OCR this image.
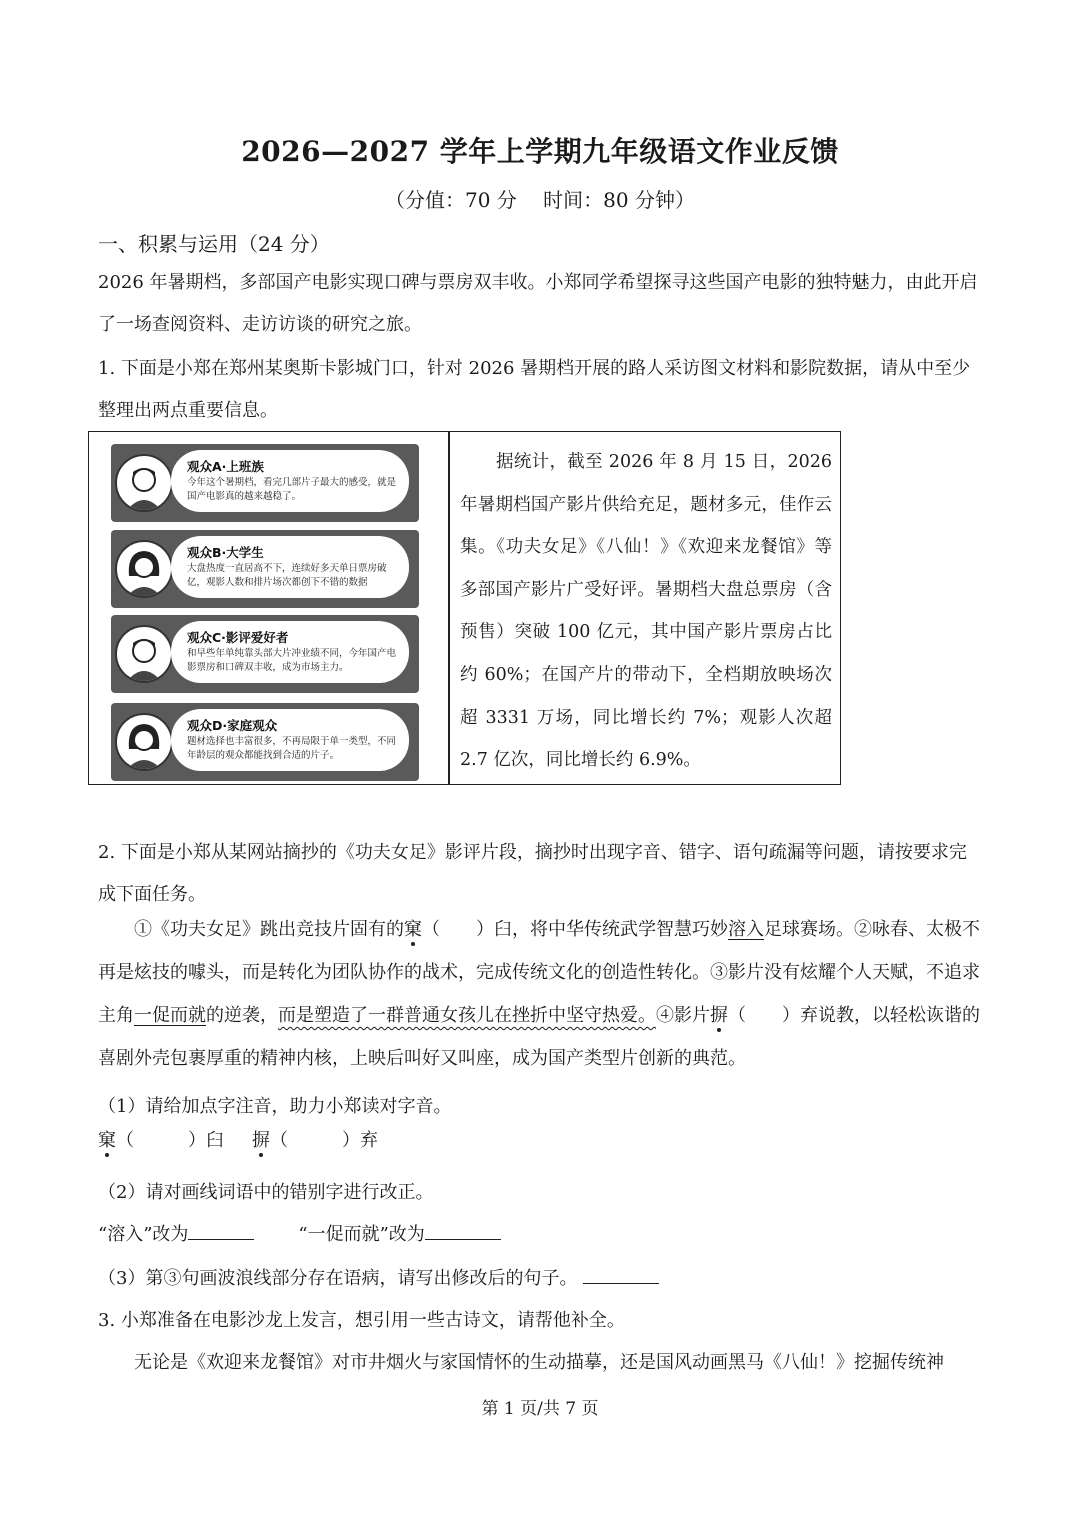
2026—2027 学年上学期九年级语文作业反馈
（分值：70 分　 时间：80 分钟）
一、积累与运用（24 分）
2026 年暑期档，多部国产电影实现口碑与票房双丰收。小郑同学希望探寻这些国产电影的独特魅力，由此开启了一场查阅资料、走访访谈的研究之旅。
1. 下面是小郑在郑州某奥斯卡影城门口，针对 2026 暑期档开展的路人采访图文材料和影院数据，请从中至少整理出两点重要信息。
观众A·上班族
今年这个暑期档，看完几部片子最大的感受，就是国产电影真的越来越稳了。
观众B·大学生
大盘热度一直居高不下，连续好多天单日票房破亿，观影人数和排片场次都创下不错的数据
观众C·影评爱好者
和早些年单纯靠头部大片冲业绩不同，今年国产电影票房和口碑双丰收，成为市场主力。
观众D·家庭观众
题材选择也丰富很多，不再局限于单一类型，不同年龄层的观众都能找到合适的片子。
据统计，截至 2026 年 8 月 15 日，2026 年暑期档国产影片供给充足，题材多元，佳作云集。《功夫女足》《八仙！》《欢迎来龙餐馆》等多部国产影片广受好评。暑期档大盘总票房（含预售）突破 100 亿元，其中国产影片票房占比约 60%；在国产片的带动下，全档期放映场次超 3331 万场，同比增长约 7%；观影人次超 2.7 亿次，同比增长约 6.9%。
2. 下面是小郑从某网站摘抄的《功夫女足》影评片段，摘抄时出现字音、错字、语句疏漏等问题，请按要求完成下面任务。
①《功夫女足》跳出竞技片固有的窠（　　）臼，将中华传统武学智慧巧妙溶入足球赛场。②咏春、太极不再是炫技的噱头，而是转化为团队协作的战术，完成传统文化的创造性转化。③影片没有炫耀个人天赋，不追求主角一促而就的逆袭，而是塑造了一群普通女孩儿在挫折中坚守热爱。④影片摒（　　）弃说教，以轻松诙谐的喜剧外壳包裹厚重的精神内核，上映后叫好又叫座，成为国产类型片创新的典范。
（1）请给加点字注音，助力小郑读对字音。
窠（　　　）臼 摒（　　　）弃
（2）请对画线词语中的错别字进行改正。
“溶入”改为	“一促而就”改为
（3）第③句画波浪线部分存在语病，请写出修改后的句子。
3. 小郑准备在电影沙龙上发言，想引用一些古诗文，请帮他补全。
无论是《欢迎来龙餐馆》对市井烟火与家国情怀的生动描摹，还是国风动画黑马《八仙！》挖掘传统神
第 1 页/共 7 页
